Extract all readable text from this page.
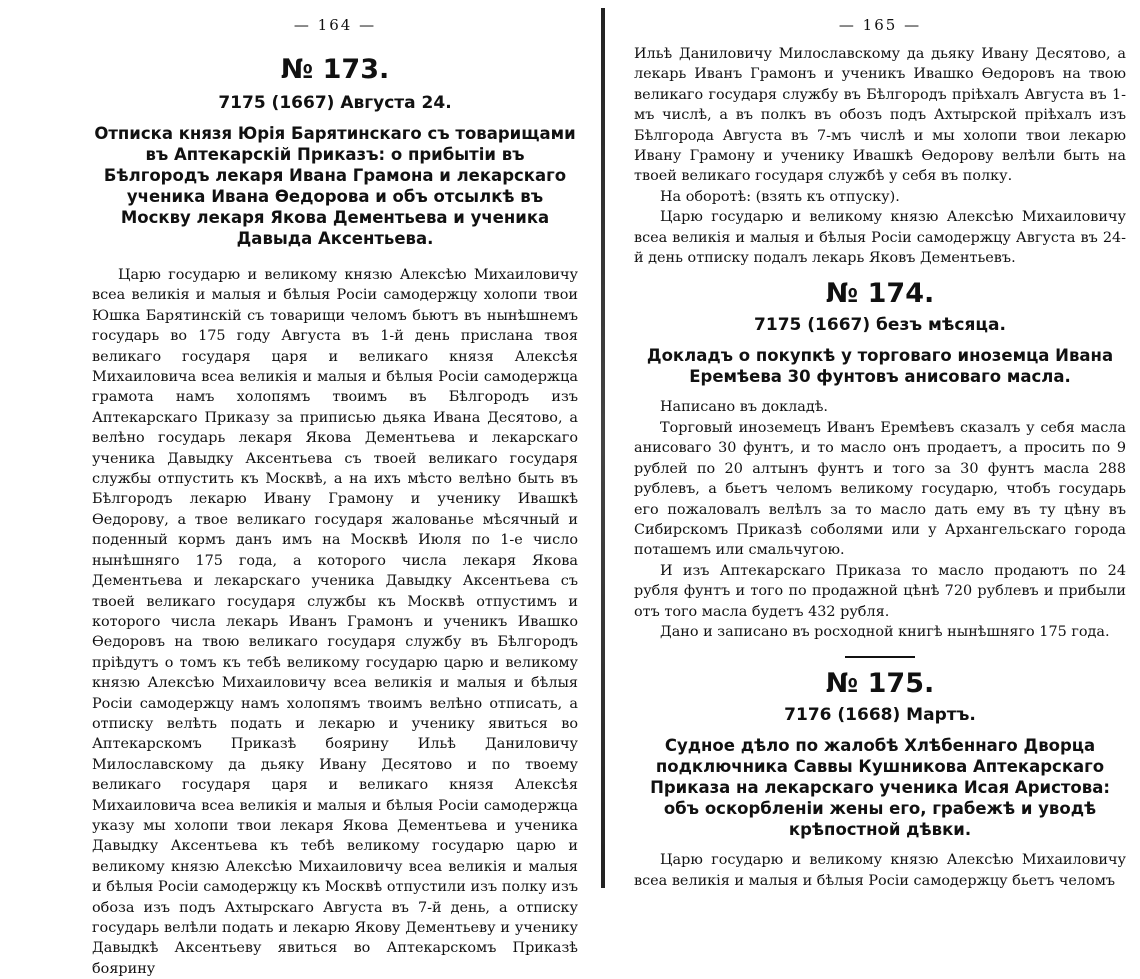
— 164 —
№ 173.
7175 (1667) Августа 24.
Отписка князя Юрія Барятинскаго съ товарищами въ Аптекарскій Приказъ: о прибытіи въ Бѣлгородъ лекаря Ивана Грамона и лекарскаго ученика Ивана Өедорова и объ отсылкѣ въ Москву лекаря Якова Дементьева и ученика Давыда Аксентьева.

Царю государю и великому князю Алексѣю Михаиловичу всеа великія и малыя и бѣлыя Росіи самодержцу холопи твои Юшка Барятинскій съ товарищи челомъ бьютъ въ нынѣшнемъ государь во 175 году Августа въ 1-й день прислана твоя великаго государя царя и великаго князя Алексѣя Михаиловича всеа великія и малыя и бѣлыя Росіи самодержца грамота намъ холопямъ твоимъ въ Бѣлгородъ изъ Аптекарскаго Приказу за приписью дьяка Ивана Десятово, а велѣно государь лекаря Якова Дементьева и лекарскаго ученика Давыдку Аксентьева съ твоей великаго государя службы отпустить къ Москвѣ, а на ихъ мѣсто велѣно быть въ Бѣлгородъ лекарю Ивану Грамону и ученику Ивашкѣ Өедорову, а твое великаго государя жалованье мѣсячный и поденный кормъ данъ имъ на Москвѣ Июля по 1-е число нынѣшняго 175 года, а которого числа лекаря Якова Дементьева и лекарскаго ученика Давыдку Аксентьева съ твоей великаго государя службы къ Москвѣ отпустимъ и которого числа лекарь Иванъ Грамонъ и ученикъ Ивашко Өедоровъ на твою великаго государя службу въ Бѣлгородъ пріѣдутъ о томъ къ тебѣ великому государю царю и великому князю Алексѣю Михаиловичу всеа великія и малыя и бѣлыя Росіи самодержцу намъ холопямъ твоимъ велѣно отписать, а отписку велѣть подать и лекарю и ученику явиться во Аптекарскомъ Приказѣ боярину Ильѣ Даниловичу Милославскому да дьяку Ивану Десятово и по твоему великаго государя царя и великаго князя Алексѣя Михаиловича всеа великія и малыя и бѣлыя Росіи самодержца указу мы холопи твои лекаря Якова Дементьева и ученика Давыдку Аксентьева къ тебѣ великому государю царю и великому князю Алексѣю Михаиловичу всеа великія и малыя и бѣлыя Росіи самодержцу къ Москвѣ отпустили изъ полку изъ обоза изъ подъ Ахтырскаго Августа въ 7-й день, а отписку государь велѣли подать и лекарю Якову Дементьеву и ученику Давыдкѣ Аксентьеву явиться во Аптекарскомъ Приказѣ боярину

— 165 —

Ильѣ Даниловичу Милославскому да дьяку Ивану Десятово, а лекарь Иванъ Грамонъ и ученикъ Ивашко Өедоровъ на твою великаго государя службу въ Бѣлгородъ пріѣхалъ Августа въ 1-мъ числѣ, а въ полкъ въ обозъ подъ Ахтырской пріѣхалъ изъ Бѣлгорода Августа въ 7-мъ числѣ и мы холопи твои лекарю Ивану Грамону и ученику Ивашкѣ Өедорову велѣли быть на твоей великаго государя службѣ у себя въ полку.

На оборотѣ: (взять къ отпуску).

Царю государю и великому князю Алексѣю Михаиловичу всеа великія и малыя и бѣлыя Росіи самодержцу Августа въ 24-й день отписку подалъ лекарь Яковъ Дементьевъ.

№ 174.
7175 (1667) безъ мѣсяца.
Докладъ о покупкѣ у торговаго иноземца Ивана Еремѣева 30 фунтовъ анисоваго масла.

Написано въ докладѣ.

Торговый иноземецъ Иванъ Еремѣевъ сказалъ у себя масла анисоваго 30 фунтъ, и то масло онъ продаетъ, а просить по 9 рублей по 20 алтынъ фунтъ и того за 30 фунтъ масла 288 рублевъ, а бьетъ челомъ великому государю, чтобъ государь его пожаловалъ велѣлъ за то масло дать ему въ ту цѣну въ Сибирскомъ Приказѣ соболями или у Архангельскаго города поташемъ или смальчугою.

И изъ Аптекарскаго Приказа то масло продаютъ по 24 рубля фунтъ и того по продажной цѣнѣ 720 рублевъ и прибыли отъ того масла будетъ 432 рубля.

Дано и записано въ росходной книгѣ нынѣшняго 175 года.

№ 175.
7176 (1668) Мартъ.
Судное дѣло по жалобѣ Хлѣбеннаго Дворца подключника Саввы Кушникова Аптекарскаго Приказа на лекарскаго ученика Исая Аристова: объ оскорбленіи жены его, грабежѣ и уводѣ крѣпостной дѣвки.

Царю государю и великому князю Алексѣю Михаиловичу всеа великія и малыя и бѣлыя Росіи самодержцу бьетъ челомъ
